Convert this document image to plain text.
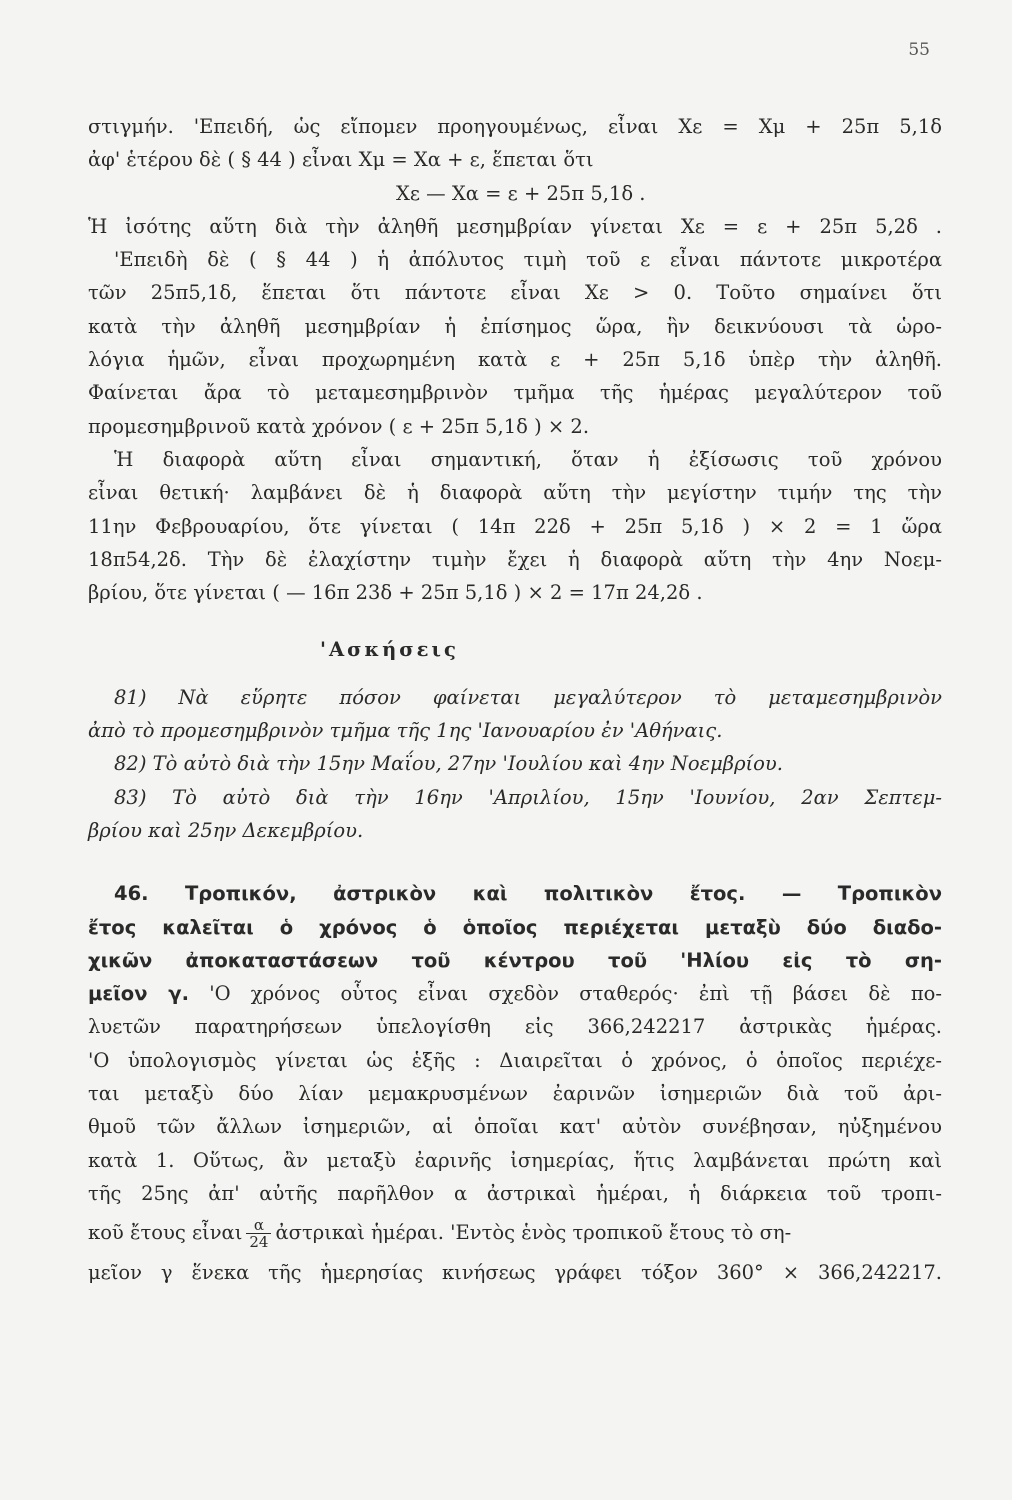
55
στιγμήν. 'Επειδή, ὡς εἴπομεν προηγουμένως, εἶναι Xε = Xμ + 25π 5,1δ
ἀφ' ἑτέρου δὲ ( § 44 ) εἶναι Xμ = Xα + ε, ἕπεται ὅτι
Xε — Xα = ε + 25π 5,1δ .
Ἡ ἰσότης αὕτη διὰ τὴν ἀληθῆ μεσημβρίαν γίνεται Xε = ε + 25π 5,2δ .
'Επειδὴ δὲ ( § 44 ) ἡ ἀπόλυτος τιμὴ τοῦ ε εἶναι πάντοτε μικροτέρα
τῶν 25π5,1δ, ἕπεται ὅτι πάντοτε εἶναι Xε > 0. Τοῦτο σημαίνει ὅτι
κατὰ τὴν ἀληθῆ μεσημβρίαν ἡ ἐπίσημος ὥρα, ἣν δεικνύουσι τὰ ὡρο-
λόγια ἡμῶν, εἶναι προχωρημένη κατὰ ε + 25π 5,1δ ὑπὲρ τὴν ἀληθῆ.
Φαίνεται ἄρα τὸ μεταμεσημβρινὸν τμῆμα τῆς ἡμέρας μεγαλύτερον τοῦ
προμεσημβρινοῦ κατὰ χρόνον ( ε + 25π 5,1δ ) × 2.
Ἡ διαφορὰ αὕτη εἶναι σημαντική, ὅταν ἡ ἐξίσωσις τοῦ χρόνου
εἶναι θετική· λαμβάνει δὲ ἡ διαφορὰ αὕτη τὴν μεγίστην τιμήν της τὴν
11ην Φεβρουαρίου, ὅτε γίνεται ( 14π 22δ + 25π 5,1δ ) × 2 = 1 ὥρα
18π54,2δ. Τὴν δὲ ἐλαχίστην τιμὴν ἔχει ἡ διαφορὰ αὕτη τὴν 4ην Νοεμ-
βρίου, ὅτε γίνεται ( — 16π 23δ + 25π 5,1δ ) × 2 = 17π 24,2δ .
'Ασκήσεις
81) Νὰ εὕρητε πόσον φαίνεται μεγαλύτερον τὸ μεταμεσημβρινὸν
ἀπὸ τὸ προμεσημβρινὸν τμῆμα τῆς 1ης 'Ιανουαρίου ἐν 'Αθήναις.
82) Τὸ αὐτὸ διὰ τὴν 15ην Μαΐου, 27ην 'Ιουλίου καὶ 4ην Νοεμβρίου.
83) Τὸ αὐτὸ διὰ τὴν 16ην 'Απριλίου, 15ην 'Ιουνίου, 2αν Σεπτεμ-
βρίου καὶ 25ην Δεκεμβρίου.
46. Τροπικόν, ἀστρικὸν καὶ πολιτικὸν ἔτος. — Τροπικὸν
ἔτος καλεῖται ὁ χρόνος ὁ ὁποῖος περιέχεται μεταξὺ δύο διαδο-
χικῶν ἀποκαταστάσεων τοῦ κέντρου τοῦ 'Ηλίου εἰς τὸ ση-
μεῖον γ. 'Ο χρόνος οὗτος εἶναι σχεδὸν σταθερός· ἐπὶ τῇ βάσει δὲ πο-
λυετῶν παρατηρήσεων ὑπελογίσθη εἰς 366,242217 ἀστρικὰς ἡμέρας.
'Ο ὑπολογισμὸς γίνεται ὡς ἑξῆς : Διαιρεῖται ὁ χρόνος, ὁ ὁποῖος περιέχε-
ται μεταξὺ δύο λίαν μεμακρυσμένων ἐαρινῶν ἰσημεριῶν διὰ τοῦ ἀρι-
θμοῦ τῶν ἄλλων ἰσημεριῶν, αἱ ὁποῖαι κατ' αὐτὸν συνέβησαν, ηὐξημένου
κατὰ 1. Οὕτως, ἂν μεταξὺ ἐαρινῆς ἰσημερίας, ἥτις λαμβάνεται πρώτη καὶ
τῆς 25ης ἀπ' αὐτῆς παρῆλθον α ἀστρικαὶ ἡμέραι, ἡ διάρκεια τοῦ τροπι-
κοῦ ἔτους εἶναι $\frac{\alpha}{24}$ ἀστρικαὶ ἡμέραι. 'Εντὸς ἑνὸς τροπικοῦ ἔτους τὸ ση-
μεῖον γ ἕνεκα τῆς ἡμερησίας κινήσεως γράφει τόξον 360° × 366,242217.
